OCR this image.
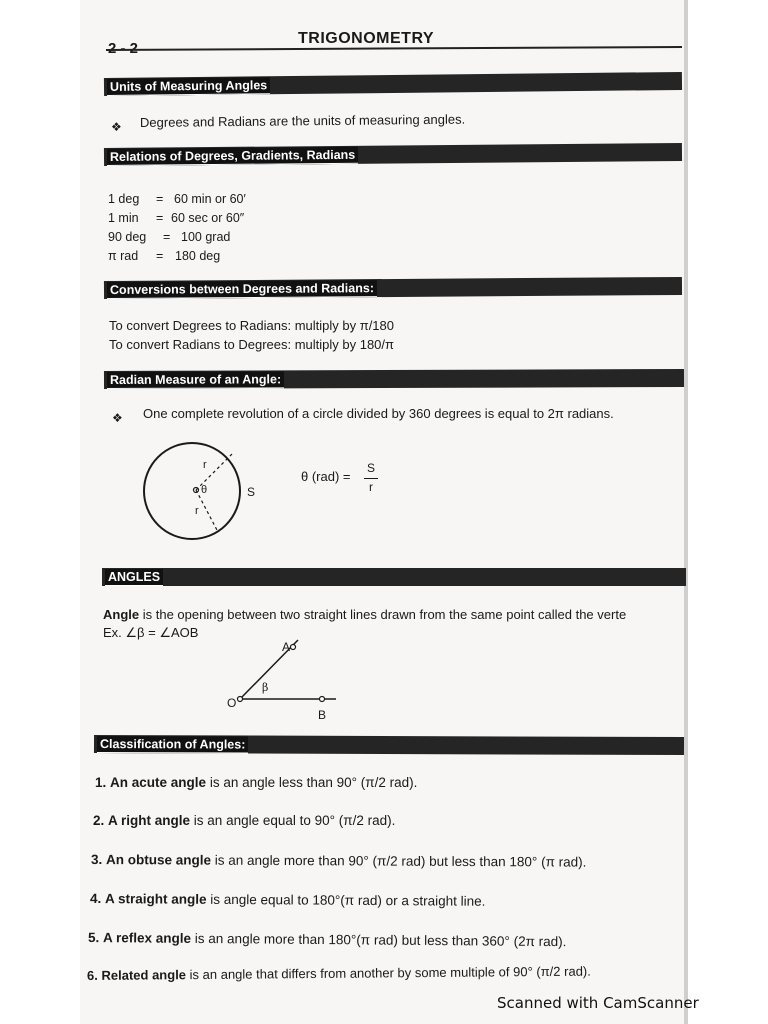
TRIGONOMETRY
Units of Measuring Angles
❖ Degrees and Radians are the units of measuring angles.
Relations of Degrees, Gradients, Radians
1 deg = 60 min or 60′
1 min = 60 sec or 60″
90 deg = 100 grad
π rad = 180 deg
Conversions between Degrees and Radians:
To convert Degrees to Radians: multiply by π/180
To convert Radians to Degrees: multiply by 180/π
Radian Measure of an Angle:
❖ One complete revolution of a circle divided by 360 degrees is equal to 2π radians.
r
θ
r
S
θ (rad) =
S
r
ANGLES
Angle is the opening between two straight lines drawn from the same point called the verte
Ex. ∠β = ∠AOB
A
O
B
β
Classification of Angles:
1. An acute angle is an angle less than 90° (π/2 rad).
2. A right angle is an angle equal to 90° (π/2 rad).
3. An obtuse angle is an angle more than 90° (π/2 rad) but less than 180° (π rad).
4. A straight angle is angle equal to 180°(π rad) or a straight line.
5. A reflex angle is an angle more than 180°(π rad) but less than 360° (2π rad).
6. Related angle is an angle that differs from another by some multiple of 90° (π/2 rad).
Scanned with CamScanner
